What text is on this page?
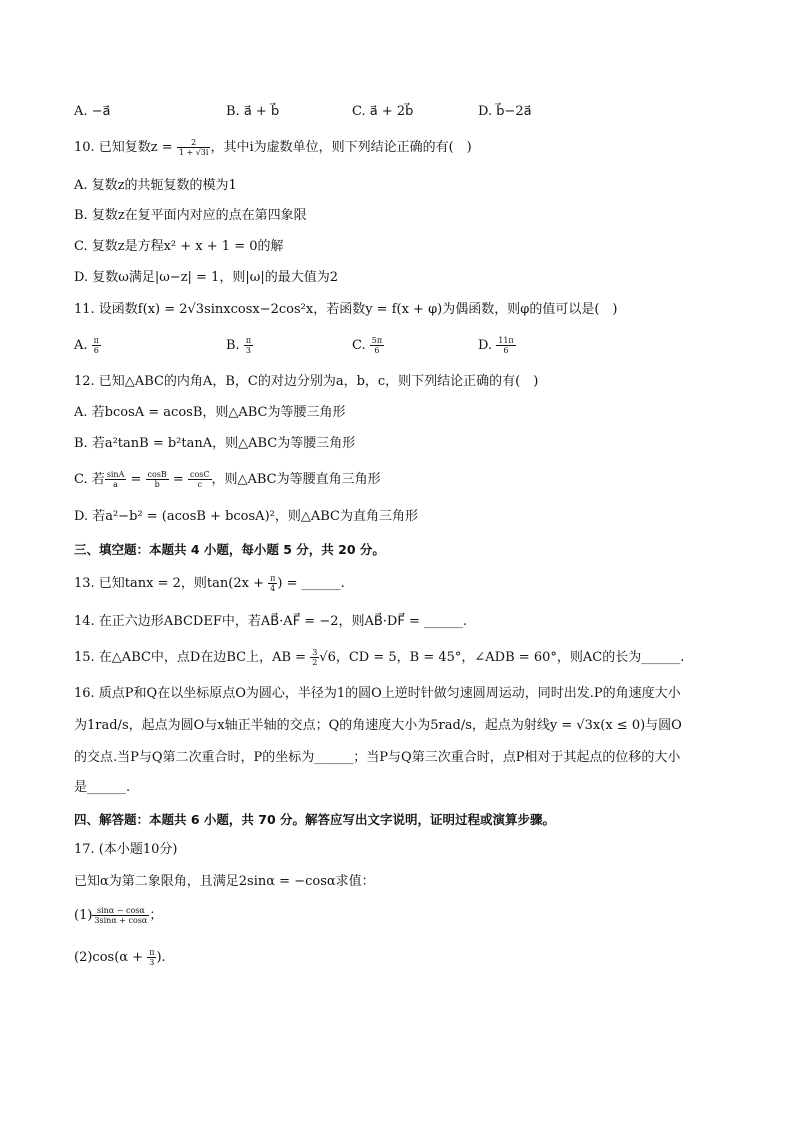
A. −a⃗	B. a⃗ + b⃗	C. a⃗ + 2b⃗	D. b⃗−2a⃗
10. 已知复数$z = \frac{2}{1 + √3i}$ ，其中i为虚数单位，则下列结论正确的有(　)
A. 复数z的共轭复数的模为1
B. 复数z在复平面内对应的点在第四象限
C. 复数z是方程x² + x + 1 = 0的解
D. 复数ω满足|ω−z| = 1，则|ω|的最大值为2
11. 设函数f(x) = 2√3sinxcosx−2cos²x，若函数y = f(x + φ)为偶函数，则φ的值可以是(　)
A. $\frac{\pi}{6}$	B. $\frac{\pi}{3}$	C. $\frac{5\pi}{6}$	D. $\frac{11\pi}{6}$
12. 已知△ABC的内角A，B，C的对边分别为a，b，c，则下列结论正确的有(　)
A. 若bcosA = acosB，则△ABC为等腰三角形
B. 若a²tanB = b²tanA，则△ABC为等腰三角形
C. 若 $\frac{\sin A}{a} = \frac{\cos B}{b} = \frac{\cos C}{c}$ ，则△ABC为等腰直角三角形
D. 若a²−b² = (acosB + bcosA)²，则△ABC为直角三角形
三、填空题：本题共 4 小题，每小题 5 分，共 20 分。
13. 已知tanx = 2，则$\tan(2x + \frac{\pi}{4}$ ) = ______.
14. 在正六边形ABCDEF中，若AB⃗·AF⃗ = −2，则AB⃗·DF⃗ = ______.
15. 在△ABC中，点D在边BC上，AB = $\frac{3}{2} √6$，CD = 5，B = 45°，∠ADB = 60°，则AC的长为______.
16. 质点P和Q在以坐标原点O为圆心，半径为1的圆O上逆时针做匀速圆周运动，同时出发.P的角速度大小
为1rad/s，起点为圆O与x轴正半轴的交点；Q的角速度大小为5rad/s，起点为射线y = √3x(x ≤ 0)与圆O
的交点.当P与Q第二次重合时，P的坐标为______；当P与Q第三次重合时，点P相对于其起点的位移的大小
是______.
四、解答题：本题共 6 小题，共 70 分。解答应写出文字说明，证明过程或演算步骤。
17. (本小题10分)
已知α为第二象限角，且满足2sinα = −cosα求值：
$(1) \frac{\sin\alpha - \cos\alpha}{3\sin\alpha + \cos\alpha}$ ；
$(2)\cos(\alpha + \frac{\pi}{3}$ ).
